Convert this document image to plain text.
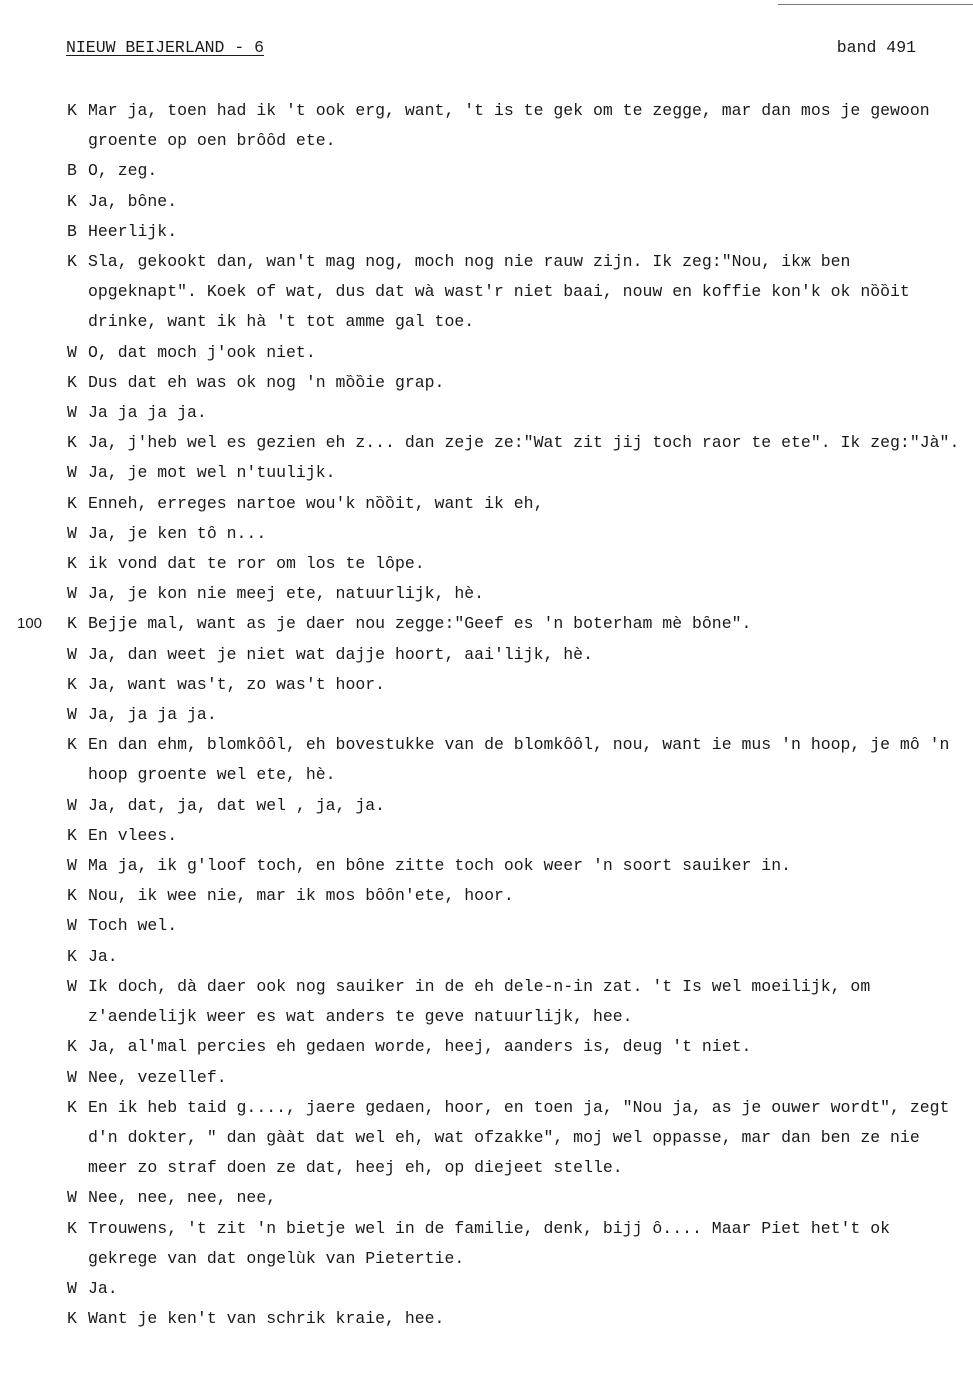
NIEUW BEIJERLAND - 6	band 491
K Mar ja, toen had ik 't ook erg, want, 't is te gek om te zegge, mar dan mos je gewoon groente op oen brȏȏd ete.
B O, zeg.
K Ja, bȏne.
B Heerlijk.
K Sla, gekookt dan, wan't mag nog, moch nog nie rauw zijn. Ik zeg:"Nou, ikж ben opgeknapt". Koek of wat, dus dat wà wast'r niet baai, nouw en koffie kon'k ok nȍȍit drinke, want ik hà 't tot amme gal toe.
W O, dat moch j'ook niet.
K Dus dat eh was ok nog 'n mȍȍie grap.
W Ja ja ja ja.
K Ja, j'heb wel es gezien eh z... dan zeje ze:"Wat zit jij toch raor te ete". Ik zeg:"Jà".
W Ja, je mot wel n'tuulijk.
K Enneh, erreges nartoe wou'k nȍȍit, want ik eh,
W Ja, je ken tȏ n...
K ik vond dat te ror om los te lȏpe.
W Ja, je kon nie meej ete, natuurlijk, hè.
100 K Bejje mal, want as je daer nou zegge:"Geef es 'n boterham mè bȏne".
W Ja, dan weet je niet wat dajje hoort, aai'lijk, hè.
K Ja, want was't, zo was't hoor.
W Ja, ja ja ja.
K En dan ehm, blomkȏȏl, eh bovestukke van de blomkȏȏl, nou, want ie mus 'n hoop, je mȏ 'n hoop groente wel ete, hè.
W Ja, dat, ja, dat wel , ja, ja.
K En vlees.
W Ma ja, ik g'loof toch, en bȏne zitte toch ook weer 'n soort sauiker in.
K Nou, ik wee nie, mar ik mos bȏȏn'ete, hoor.
W Toch wel.
K Ja.
W Ik doch, dà daer ook nog sauiker in de eh dele-n-in zat. 't Is wel moeilijk, om z'aendelijk weer es wat anders te geve natuurlijk, hee.
K Ja, al'mal percies eh gedaen worde, heej, aanders is, deug 't niet.
W Nee, vezellef.
K En ik heb taid g...., jaere gedaen, hoor, en toen ja, "Nou ja, as je ouwer wordt", zegt d'n dokter, " dan gààt dat wel eh, wat ofzakke", moj wel oppasse, mar dan ben ze nie meer zo straf doen ze dat, heej eh, op diejeet stelle.
W Nee, nee, nee, nee,
K Trouwens, 't zit 'n bietje wel in de familie, denk, bijj ȏ.... Maar Piet het't ok gekrege van dat ongelùk van Pietertie.
W Ja.
K Want je ken't van schrik kraie, hee.
